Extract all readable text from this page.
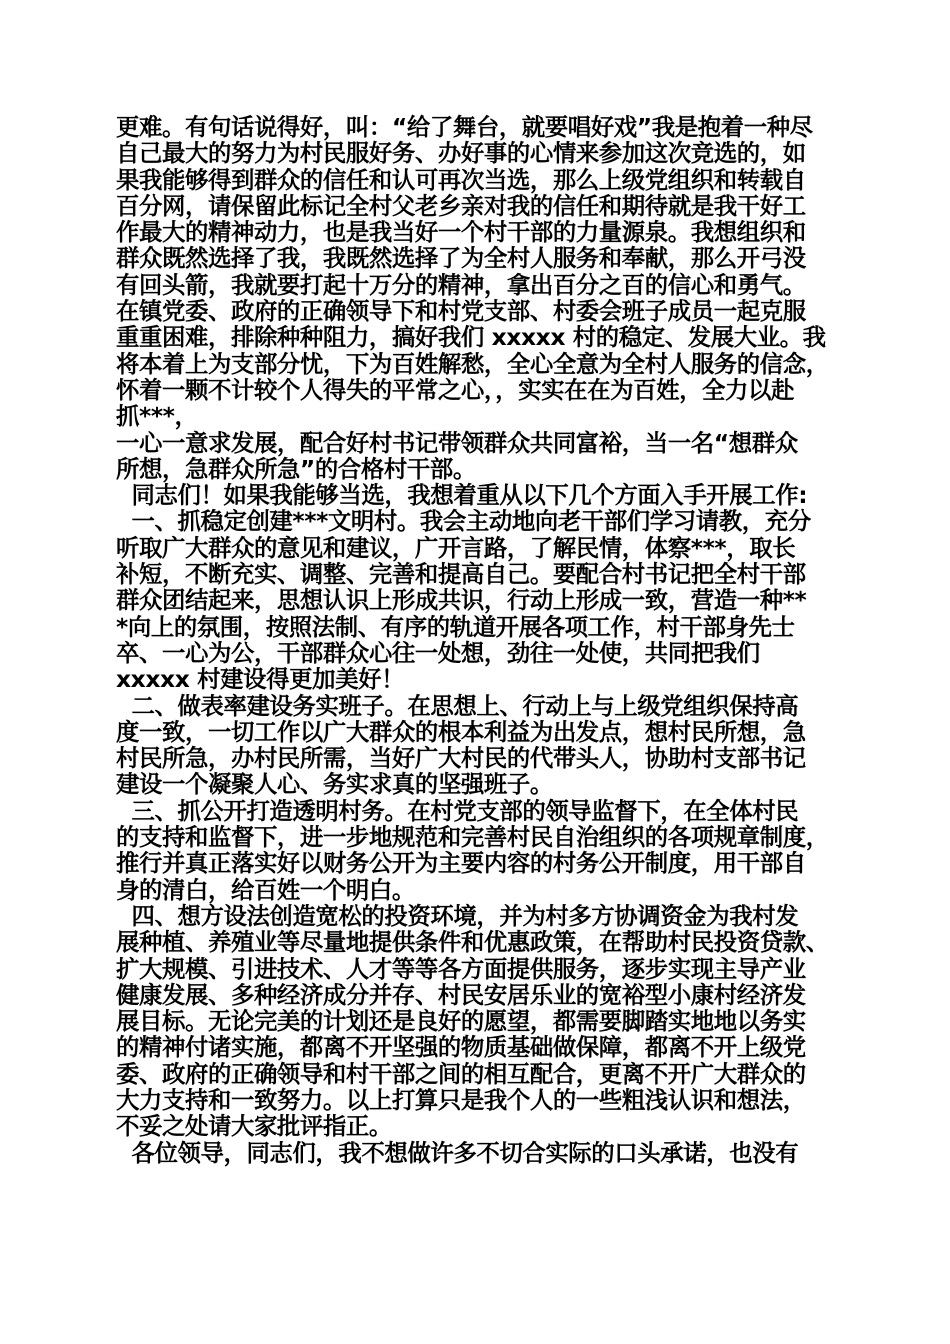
更难。有句话说得好，叫：“给了舞台，就要唱好戏”我是抱着一种尽
自己最大的努力为村民服好务、办好事的心情来参加这次竞选的，如
果我能够得到群众的信任和认可再次当选，那么上级党组织和转载自
百分网，请保留此标记全村父老乡亲对我的信任和期待就是我干好工
作最大的精神动力，也是我当好一个村干部的力量源泉。我想组织和
群众既然选择了我，我既然选择了为全村人服务和奉献，那么开弓没
有回头箭，我就要打起十万分的精神，拿出百分之百的信心和勇气。
在镇党委、政府的正确领导下和村党支部、村委会班子成员一起克服
重重困难，排除种种阻力，搞好我们 xxxxx 村的稳定、发展大业。我
将本着上为支部分忧，下为百姓解愁，全心全意为全村人服务的信念，
怀着一颗不计较个人得失的平常之心，，实实在在为百姓，全力以赴
抓***，
一心一意求发展，配合好村书记带领群众共同富裕，当一名“想群众
所想，急群众所急”的合格村干部。
同志们！如果我能够当选，我想着重从以下几个方面入手开展工作:
一、抓稳定创建***文明村。我会主动地向老干部们学习请教，充分
听取广大群众的意见和建议，广开言路，了解民情，体察***，取长
补短，不断充实、调整、完善和提高自己。要配合村书记把全村干部
群众团结起来，思想认识上形成共识，行动上形成一致，营造一种**
*向上的氛围，按照法制、有序的轨道开展各项工作，村干部身先士
卒、一心为公，干部群众心往一处想，劲往一处使，共同把我们
xxxxx 村建设得更加美好！
二、做表率建设务实班子。在思想上、行动上与上级党组织保持高
度一致，一切工作以广大群众的根本利益为出发点，想村民所想，急
村民所急，办村民所需，当好广大村民的代带头人，协助村支部书记
建设一个凝聚人心、务实求真的坚强班子。
三、抓公开打造透明村务。在村党支部的领导监督下，在全体村民
的支持和监督下，进一步地规范和完善村民自治组织的各项规章制度，
推行并真正落实好以财务公开为主要内容的村务公开制度，用干部自
身的清白，给百姓一个明白。
四、想方设法创造宽松的投资环境，并为村多方协调资金为我村发
展种植、养殖业等尽量地提供条件和优惠政策，在帮助村民投资贷款、
扩大规模、引进技术、人才等等各方面提供服务，逐步实现主导产业
健康发展、多种经济成分并存、村民安居乐业的宽裕型小康村经济发
展目标。无论完美的计划还是良好的愿望，都需要脚踏实地地以务实
的精神付诸实施，都离不开坚强的物质基础做保障，都离不开上级党
委、政府的正确领导和村干部之间的相互配合，更离不开广大群众的
大力支持和一致努力。以上打算只是我个人的一些粗浅认识和想法，
不妥之处请大家批评指正。
各位领导，同志们，我不想做许多不切合实际的口头承诺，也没有
